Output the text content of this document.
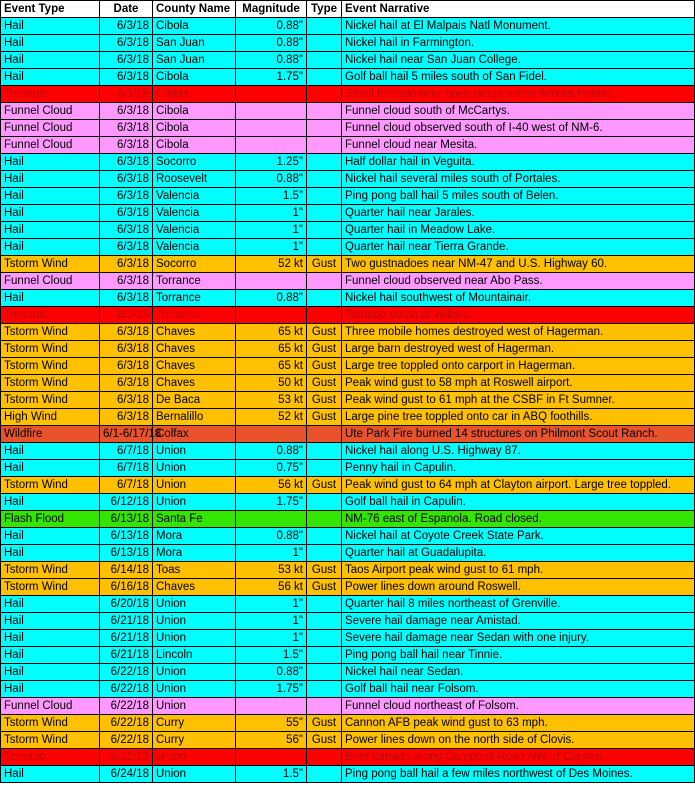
Event Type	Date	County Name	Magnitude	Type	Event Narrative
Hail	6/3/18	Cibola	0.88"		Nickel hail at El Malpais Natl Monument.
Hail	6/3/18	San Juan	0.88"		Nickel hail in Farmington.
Hail	6/3/18	San Juan	0.88"		Nickel hail near San Juan College.
Hail	6/3/18	Cibola	1.75"		Golf ball hail 5 miles south of San Fidel.
Tornado	6/3/18	Cibola			Small tornado over open range within Acoma Pueblo.
Funnel Cloud	6/3/18	Cibola			Funnel cloud south of McCartys.
Funnel Cloud	6/3/18	Cibola			Funnel cloud observed south of I-40 west of NM-6.
Funnel Cloud	6/3/18	Cibola			Funnel cloud near Mesita.
Hail	6/3/18	Socorro	1.25"		Half dollar hail in Veguita.
Hail	6/3/18	Roosevelt	0.88"		Nickel hail several miles south of Portales.
Hail	6/3/18	Valencia	1.5"		Ping pong ball hail 5 miles south of Belen.
Hail	6/3/18	Valencia	1"		Quarter hail near Jarales.
Hail	6/3/18	Valencia	1"		Quarter hail in Meadow Lake.
Hail	6/3/18	Valencia	1"		Quarter hail near Tierra Grande.
Tstorm Wind	6/3/18	Socorro	52 kt	Gust	Two gustnadoes near NM-47 and U.S. Highway 60.
Funnel Cloud	6/3/18	Torrance			Funnel cloud observed near Abo Pass.
Hail	6/3/18	Torrance	0.88"		Nickel hail southwest of Mountainair.
Tornado	6/3/18	Torrance			Tornado south of Willard.
Tstorm Wind	6/3/18	Chaves	65 kt	Gust	Three mobile homes destroyed west of Hagerman.
Tstorm Wind	6/3/18	Chaves	65 kt	Gust	Large barn destroyed west of Hagerman.
Tstorm Wind	6/3/18	Chaves	65 kt	Gust	Large tree toppled onto carport in Hagerman.
Tstorm Wind	6/3/18	Chaves	50 kt	Gust	Peak wind gust to 58 mph at Roswell airport.
Tstorm Wind	6/3/18	De Baca	53 kt	Gust	Peak wind gust to 61 mph at the CSBF in Ft Sumner.
High Wind	6/3/18	Bernalillo	52 kt	Gust	Large pine tree toppled onto car in ABQ foothills.
Wildfire	6/1-6/17/18	Colfax			Ute Park Fire burned 14 structures on Philmont Scout Ranch.
Hail	6/7/18	Union	0.88"		Nickel hail along U.S. Highway 87.
Hail	6/7/18	Union	0.75"		Penny hail in Capulin.
Tstorm Wind	6/7/18	Union	56 kt	Gust	Peak wind gust to 64 mph at Clayton airport. Large tree toppled.
Hail	6/12/18	Union	1.75"		Golf ball hail in Capulin.
Flash Flood	6/13/18	Santa Fe			NM-76 east of Espanola. Road closed.
Hail	6/13/18	Mora	0.88"		Nickel hail at Coyote Creek State Park.
Hail	6/13/18	Mora	1"		Quarter hail at Guadalupita.
Tstorm Wind	6/14/18	Toas	53 kt	Gust	Taos Airport peak wind gust to 61 mph.
Tstorm Wind	6/16/18	Chaves	56 kt	Gust	Power lines down around Roswell.
Hail	6/20/18	Union	1"		Quarter hail 8 miles northeast of Grenville.
Hail	6/21/18	Union	1"		Severe hail damage near Amistad.
Hail	6/21/18	Union	1"		Severe hail damage near Sedan with one injury.
Hail	6/21/18	Lincoln	1.5"		Ping pong ball hail near Tinnie.
Hail	6/22/18	Union	0.88"		Nickel hail near Sedan.
Hail	6/22/18	Union	1.75"		Golf ball hail near Folsom.
Funnel Cloud	6/22/18	Union			Funnel cloud northeast of Folsom.
Tstorm Wind	6/22/18	Curry	55"	Gust	Cannon AFB peak wind gust to 63 mph.
Tstorm Wind	6/22/18	Curry	56"	Gust	Power lines down on the north side of Clovis.
Tornado	6/22/18	Union			Brief tornado along Campbell Road NW of Clayton.
Hail	6/24/18	Union	1.5"		Ping pong ball hail a few miles northwest of Des Moines.
